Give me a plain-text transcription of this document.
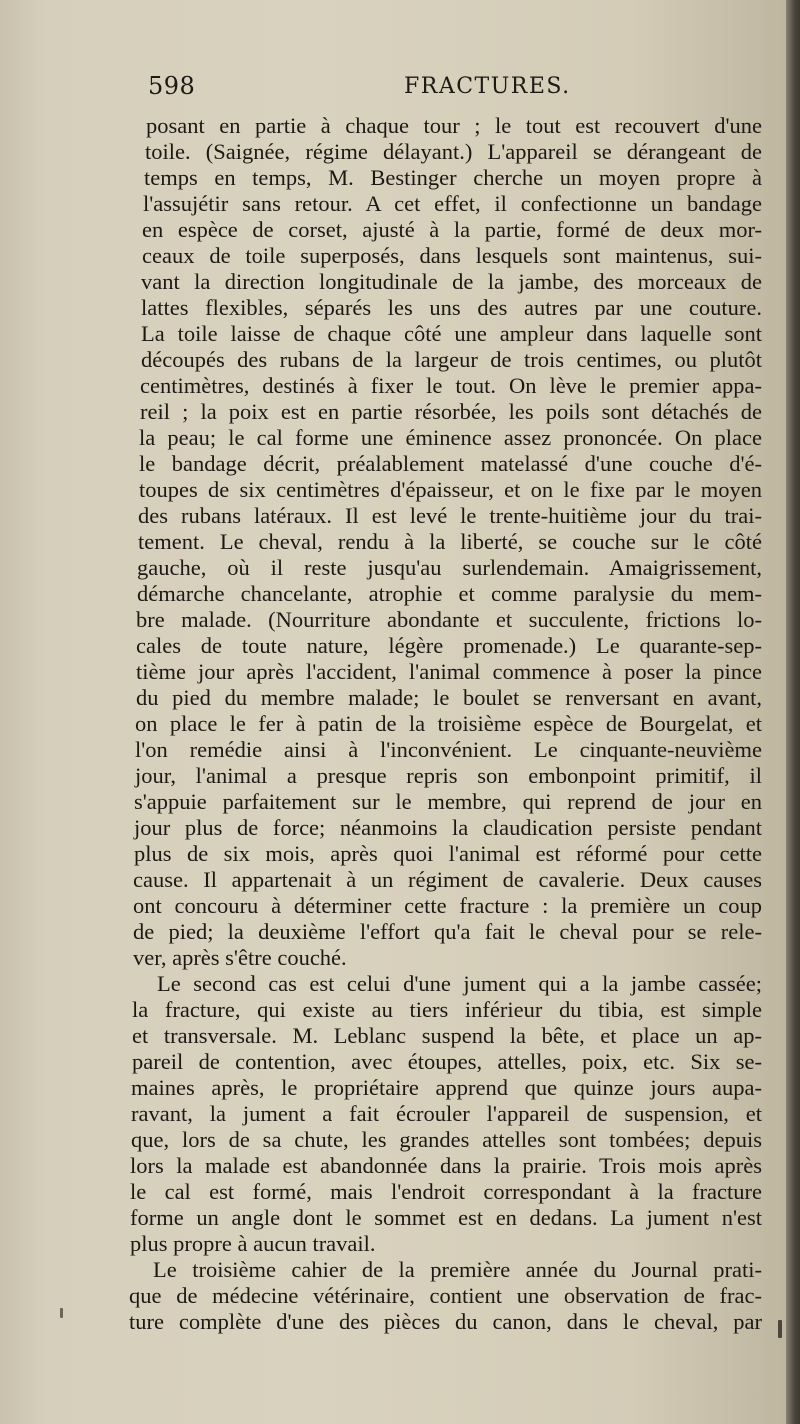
598	FRACTURES.
posant en partie à chaque tour ; le tout est recouvert d'une
toile. (Saignée, régime délayant.) L'appareil se dérangeant de
temps en temps, M. Bestinger cherche un moyen propre à
l'assujétir sans retour. A cet effet, il confectionne un bandage
en espèce de corset, ajusté à la partie, formé de deux mor-
ceaux de toile superposés, dans lesquels sont maintenus, sui-
vant la direction longitudinale de la jambe, des morceaux de
lattes flexibles, séparés les uns des autres par une couture.
La toile laisse de chaque côté une ampleur dans laquelle sont
découpés des rubans de la largeur de trois centimes, ou plutôt
centimètres, destinés à fixer le tout. On lève le premier appa-
reil ; la poix est en partie résorbée, les poils sont détachés de
la peau; le cal forme une éminence assez prononcée. On place
le bandage décrit, préalablement matelassé d'une couche d'é-
toupes de six centimètres d'épaisseur, et on le fixe par le moyen
des rubans latéraux. Il est levé le trente-huitième jour du trai-
tement. Le cheval, rendu à la liberté, se couche sur le côté
gauche, où il reste jusqu'au surlendemain. Amaigrissement,
démarche chancelante, atrophie et comme paralysie du mem-
bre malade. (Nourriture abondante et succulente, frictions lo-
cales de toute nature, légère promenade.) Le quarante-sep-
tième jour après l'accident, l'animal commence à poser la pince
du pied du membre malade; le boulet se renversant en avant,
on place le fer à patin de la troisième espèce de Bourgelat, et
l'on remédie ainsi à l'inconvénient. Le cinquante-neuvième
jour, l'animal a presque repris son embonpoint primitif, il
s'appuie parfaitement sur le membre, qui reprend de jour en
jour plus de force; néanmoins la claudication persiste pendant
plus de six mois, après quoi l'animal est réformé pour cette
cause. Il appartenait à un régiment de cavalerie. Deux causes
ont concouru à déterminer cette fracture : la première un coup
de pied; la deuxième l'effort qu'a fait le cheval pour se rele-
ver, après s'être couché.
Le second cas est celui d'une jument qui a la jambe cassée;
la fracture, qui existe au tiers inférieur du tibia, est simple
et transversale. M. Leblanc suspend la bête, et place un ap-
pareil de contention, avec étoupes, attelles, poix, etc. Six se-
maines après, le propriétaire apprend que quinze jours aupa-
ravant, la jument a fait écrouler l'appareil de suspension, et
que, lors de sa chute, les grandes attelles sont tombées; depuis
lors la malade est abandonnée dans la prairie. Trois mois après
le cal est formé, mais l'endroit correspondant à la fracture
forme un angle dont le sommet est en dedans. La jument n'est
plus propre à aucun travail.
Le troisième cahier de la première année du Journal prati-
que de médecine vétérinaire, contient une observation de frac-
ture complète d'une des pièces du canon, dans le cheval, par
